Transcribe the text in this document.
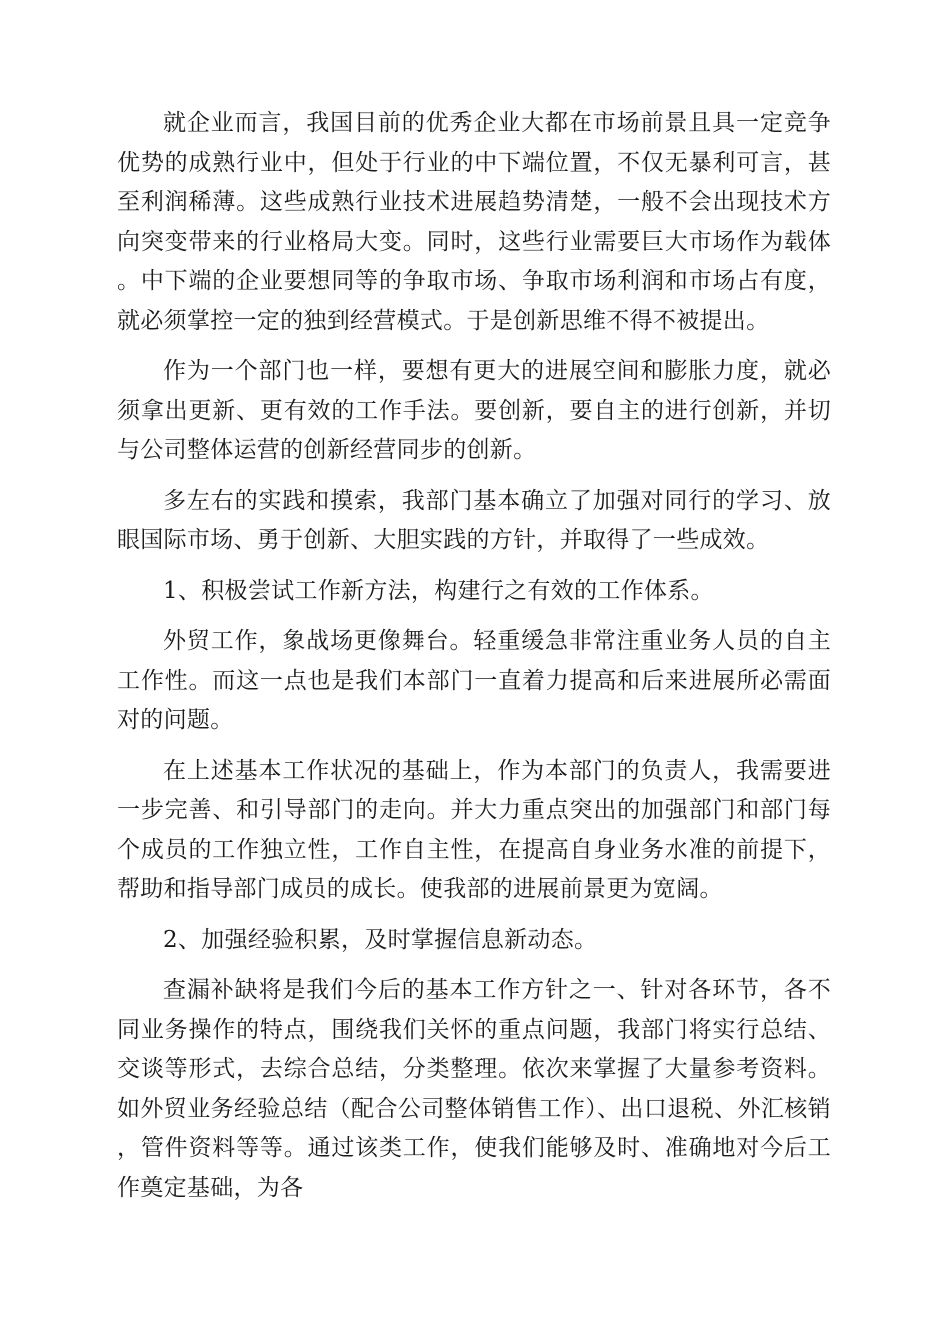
就企业而言，我国目前的优秀企业大都在市场前景且具一定竞争优势的成熟行业中，但处于行业的中下端位置，不仅无暴利可言，甚至利润稀薄。这些成熟行业技术进展趋势清楚，一般不会出现技术方向突变带来的行业格局大变。同时，这些行业需要巨大市场作为载体。中下端的企业要想同等的争取市场、争取市场利润和市场占有度，就必须掌控一定的独到经营模式。于是创新思维不得不被提出。

作为一个部门也一样，要想有更大的进展空间和膨胀力度，就必须拿出更新、更有效的工作手法。要创新，要自主的进行创新，并切与公司整体运营的创新经营同步的创新。

多左右的实践和摸索，我部门基本确立了加强对同行的学习、放眼国际市场、勇于创新、大胆实践的方针，并取得了一些成效。

1、积极尝试工作新方法，构建行之有效的工作体系。

外贸工作，象战场更像舞台。轻重缓急非常注重业务人员的自主工作性。而这一点也是我们本部门一直着力提高和后来进展所必需面对的问题。

在上述基本工作状况的基础上，作为本部门的负责人，我需要进一步完善、和引导部门的走向。并大力重点突出的加强部门和部门每个成员的工作独立性，工作自主性，在提高自身业务水准的前提下，帮助和指导部门成员的成长。使我部的进展前景更为宽阔。

2、加强经验积累，及时掌握信息新动态。

查漏补缺将是我们今后的基本工作方针之一、针对各环节，各不同业务操作的特点，围绕我们关怀的重点问题，我部门将实行总结、交谈等形式，去综合总结，分类整理。依次来掌握了大量参考资料。如外贸业务经验总结（配合公司整体销售工作）、出口退税、外汇核销，管件资料等等。通过该类工作，使我们能够及时、准确地对今后工作奠定基础，为各
